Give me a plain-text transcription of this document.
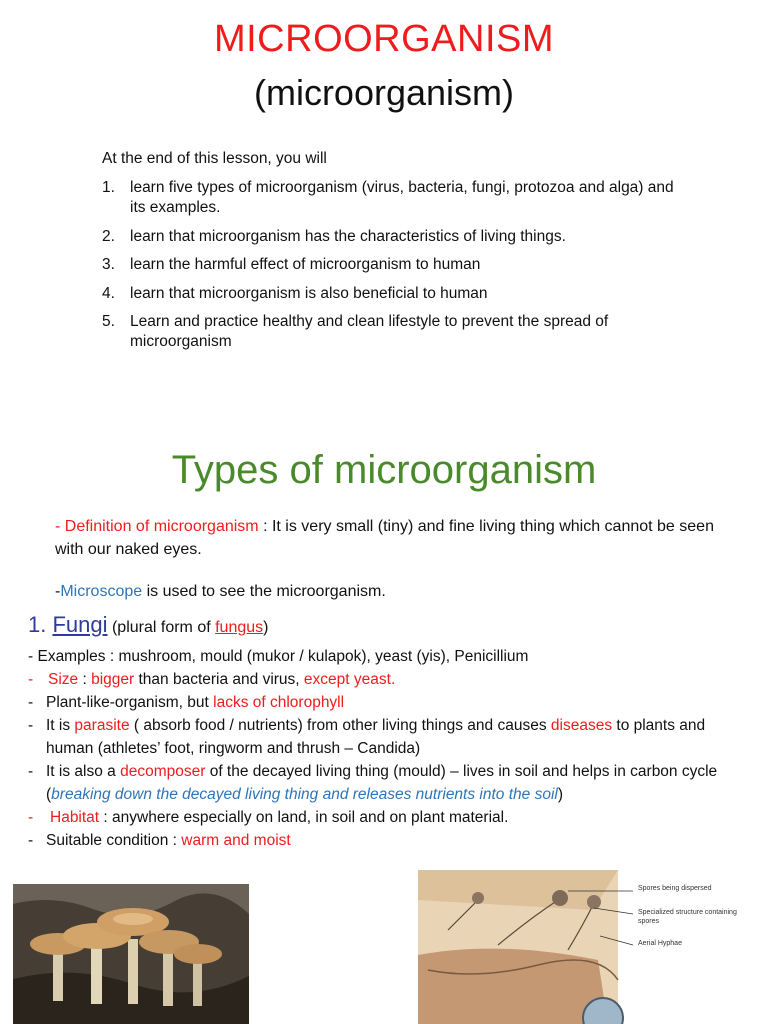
MICROORGANISM
(microorganism)
At the end of this lesson, you will
1. learn five types of microorganism (virus, bacteria, fungi, protozoa and alga) and its examples.
2. learn that microorganism has the characteristics of living things.
3. learn the harmful effect of microorganism to human
4. learn that microorganism is also beneficial to human
5. Learn and practice healthy and clean lifestyle to prevent the spread of microorganism
Types of microorganism
- Definition of microorganism : It is very small (tiny) and fine living thing which cannot be seen with our naked eyes.
-Microscope is used to see the microorganism.
1. Fungi (plural form of fungus)
- Examples : mushroom, mould (mukor / kulapok), yeast (yis), Penicillium
- Size : bigger than bacteria and virus, except yeast.
- Plant-like-organism, but lacks of chlorophyll
- It is parasite ( absorb food / nutrients) from other living things and causes diseases to plants and human (athletes’ foot, ringworm and thrush – Candida)
- It is also a decomposer of the decayed living thing (mould) – lives in soil and helps in carbon cycle (breaking down the decayed living thing and releases nutrients into the soil)
- Habitat : anywhere especially on land, in soil and on plant material.
- Suitable condition : warm and moist
Spores being dispersed
Specialized structure containing spores
Aerial Hyphae
